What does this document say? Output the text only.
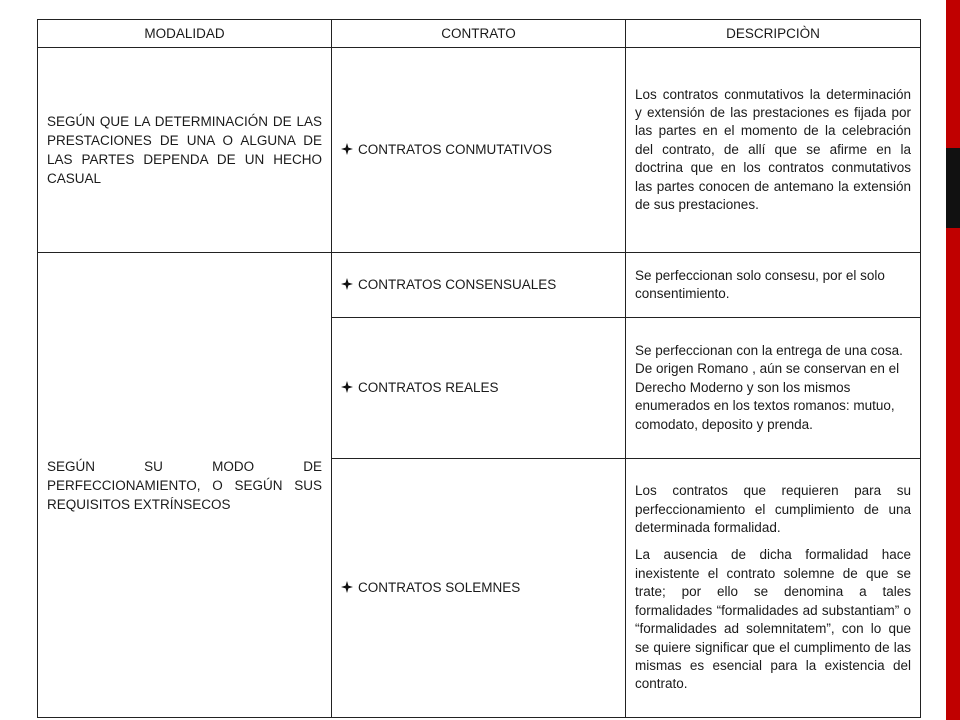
MODALIDAD	CONTRATO	DESCRIPCIÒN
SEGÚN QUE LA DETERMINACIÓN DE LAS PRESTACIONES DE UNA O ALGUNA DE LAS PARTES DEPENDA DE UN HECHO CASUAL	CONTRATOS CONMUTATIVOS	Los contratos conmutativos la determinación y extensión de las prestaciones es fijada por las partes en el momento de la celebración del contrato, de allí que se afirme en la doctrina que en los contratos conmutativos las partes conocen de antemano la extensión de sus prestaciones.

SEGÚN SU MODO DE PERFECCIONAMIENTO, O SEGÚN SUS REQUISITOS EXTRÍNSECOS	CONTRATOS CONSENSUALES	Se perfeccionan solo consesu, por el solo consentimiento.

	CONTRATOS REALES	Se perfeccionan con la entrega de una cosa. De origen Romano , aún se conservan en el Derecho Moderno y son los mismos enumerados en los textos romanos: mutuo, comodato, deposito y prenda.

	CONTRATOS SOLEMNES	Los contratos que requieren para su perfeccionamiento el cumplimiento de una determinada formalidad.

La ausencia de dicha formalidad hace inexistente el contrato solemne de que se trate; por ello se denomina a tales formalidades “formalidades ad substantiam” o “formalidades ad solemnitatem”, con lo que se quiere significar que el cumplimento de las mismas es esencial para la existencia del contrato.
